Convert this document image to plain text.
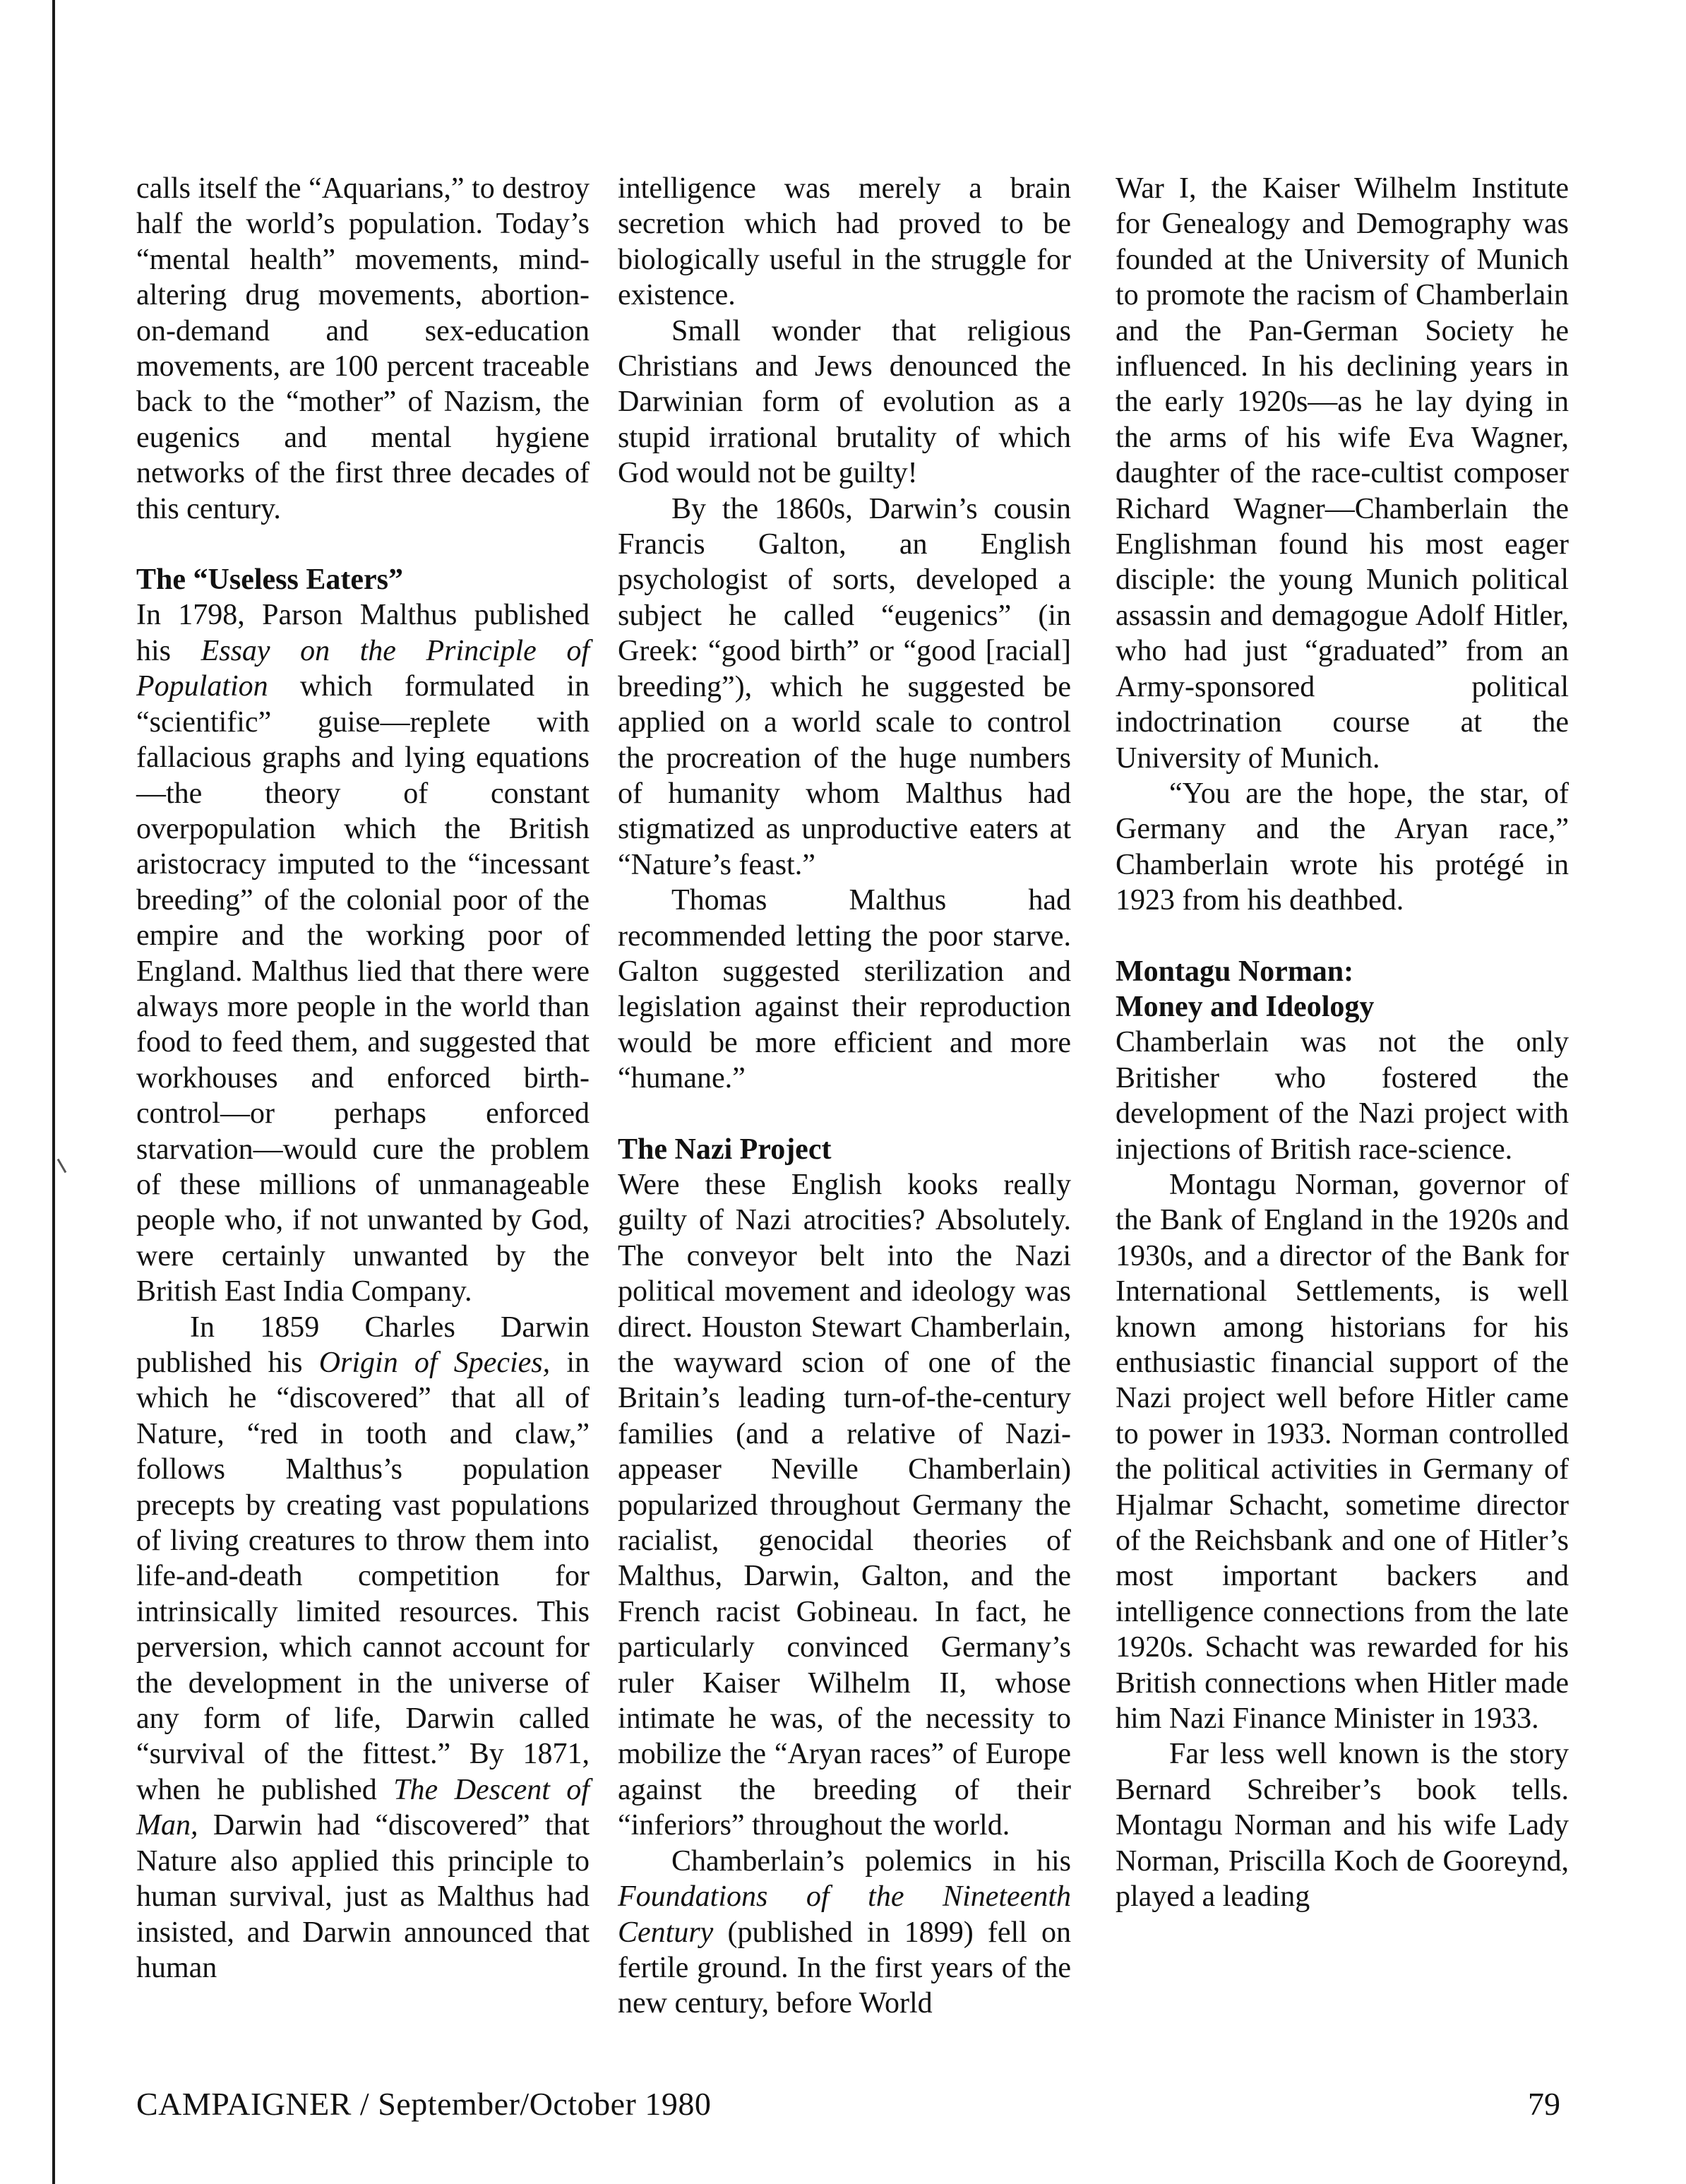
calls itself the “Aquarians,” to destroy half the world’s population. Today’s “mental health” movements, mind-altering drug movements, abortion-on-demand and sex-education movements, are 100 percent traceable back to the “mother” of Nazism, the eugenics and mental hygiene networks of the first three decades of this century.

The “Useless Eaters”

In 1798, Parson Malthus published his Essay on the Principle of Population which formulated in “scientific” guise—replete with fallacious graphs and lying equations—the theory of constant overpopulation which the British aristocracy imputed to the “incessant breeding” of the colonial poor of the empire and the working poor of England. Malthus lied that there were always more people in the world than food to feed them, and suggested that workhouses and enforced birth-control—or perhaps enforced starvation—would cure the problem of these millions of unmanageable people who, if not unwanted by God, were certainly unwanted by the British East India Company.

In 1859 Charles Darwin published his Origin of Species, in which he “discovered” that all of Nature, “red in tooth and claw,” follows Malthus’s population precepts by creating vast populations of living creatures to throw them into life-and-death competition for intrinsically limited resources. This perversion, which cannot account for the development in the universe of any form of life, Darwin called “survival of the fittest.” By 1871, when he published The Descent of Man, Darwin had “discovered” that Nature also applied this principle to human survival, just as Malthus had insisted, and Darwin announced that human

intelligence was merely a brain secretion which had proved to be biologically useful in the struggle for existence.

Small wonder that religious Christians and Jews denounced the Darwinian form of evolution as a stupid irrational brutality of which God would not be guilty!

By the 1860s, Darwin’s cousin Francis Galton, an English psychologist of sorts, developed a subject he called “eugenics” (in Greek: “good birth” or “good [racial] breeding”), which he suggested be applied on a world scale to control the procreation of the huge numbers of humanity whom Malthus had stigmatized as unproductive eaters at “Nature’s feast.”

Thomas Malthus had recommended letting the poor starve. Galton suggested sterilization and legislation against their reproduction would be more efficient and more “humane.”

The Nazi Project

Were these English kooks really guilty of Nazi atrocities? Absolutely. The conveyor belt into the Nazi political movement and ideology was direct. Houston Stewart Chamberlain, the wayward scion of one of the Britain’s leading turn-of-the-century families (and a relative of Nazi-appeaser Neville Chamberlain) popularized throughout Germany the racialist, genocidal theories of Malthus, Darwin, Galton, and the French racist Gobineau. In fact, he particularly convinced Germany’s ruler Kaiser Wilhelm II, whose intimate he was, of the necessity to mobilize the “Aryan races” of Europe against the breeding of their “inferiors” throughout the world.

Chamberlain’s polemics in his Foundations of the Nineteenth Century (published in 1899) fell on fertile ground. In the first years of the new century, before World

War I, the Kaiser Wilhelm Institute for Genealogy and Demography was founded at the University of Munich to promote the racism of Chamberlain and the Pan-German Society he influenced. In his declining years in the early 1920s—as he lay dying in the arms of his wife Eva Wagner, daughter of the race-cultist composer Richard Wagner—Chamberlain the Englishman found his most eager disciple: the young Munich political assassin and demagogue Adolf Hitler, who had just “graduated” from an Army-sponsored political indoctrination course at the University of Munich.

“You are the hope, the star, of Germany and the Aryan race,” Chamberlain wrote his protégé in 1923 from his deathbed.

Montagu Norman:
Money and Ideology

Chamberlain was not the only Britisher who fostered the development of the Nazi project with injections of British race-science.

Montagu Norman, governor of the Bank of England in the 1920s and 1930s, and a director of the Bank for International Settlements, is well known among historians for his enthusiastic financial support of the Nazi project well before Hitler came to power in 1933. Norman controlled the political activities in Germany of Hjalmar Schacht, sometime director of the Reichsbank and one of Hitler’s most important backers and intelligence connections from the late 1920s. Schacht was rewarded for his British connections when Hitler made him Nazi Finance Minister in 1933.

Far less well known is the story Bernard Schreiber’s book tells. Montagu Norman and his wife Lady Norman, Priscilla Koch de Gooreynd, played a leading

CAMPAIGNER / September/October 1980	79
